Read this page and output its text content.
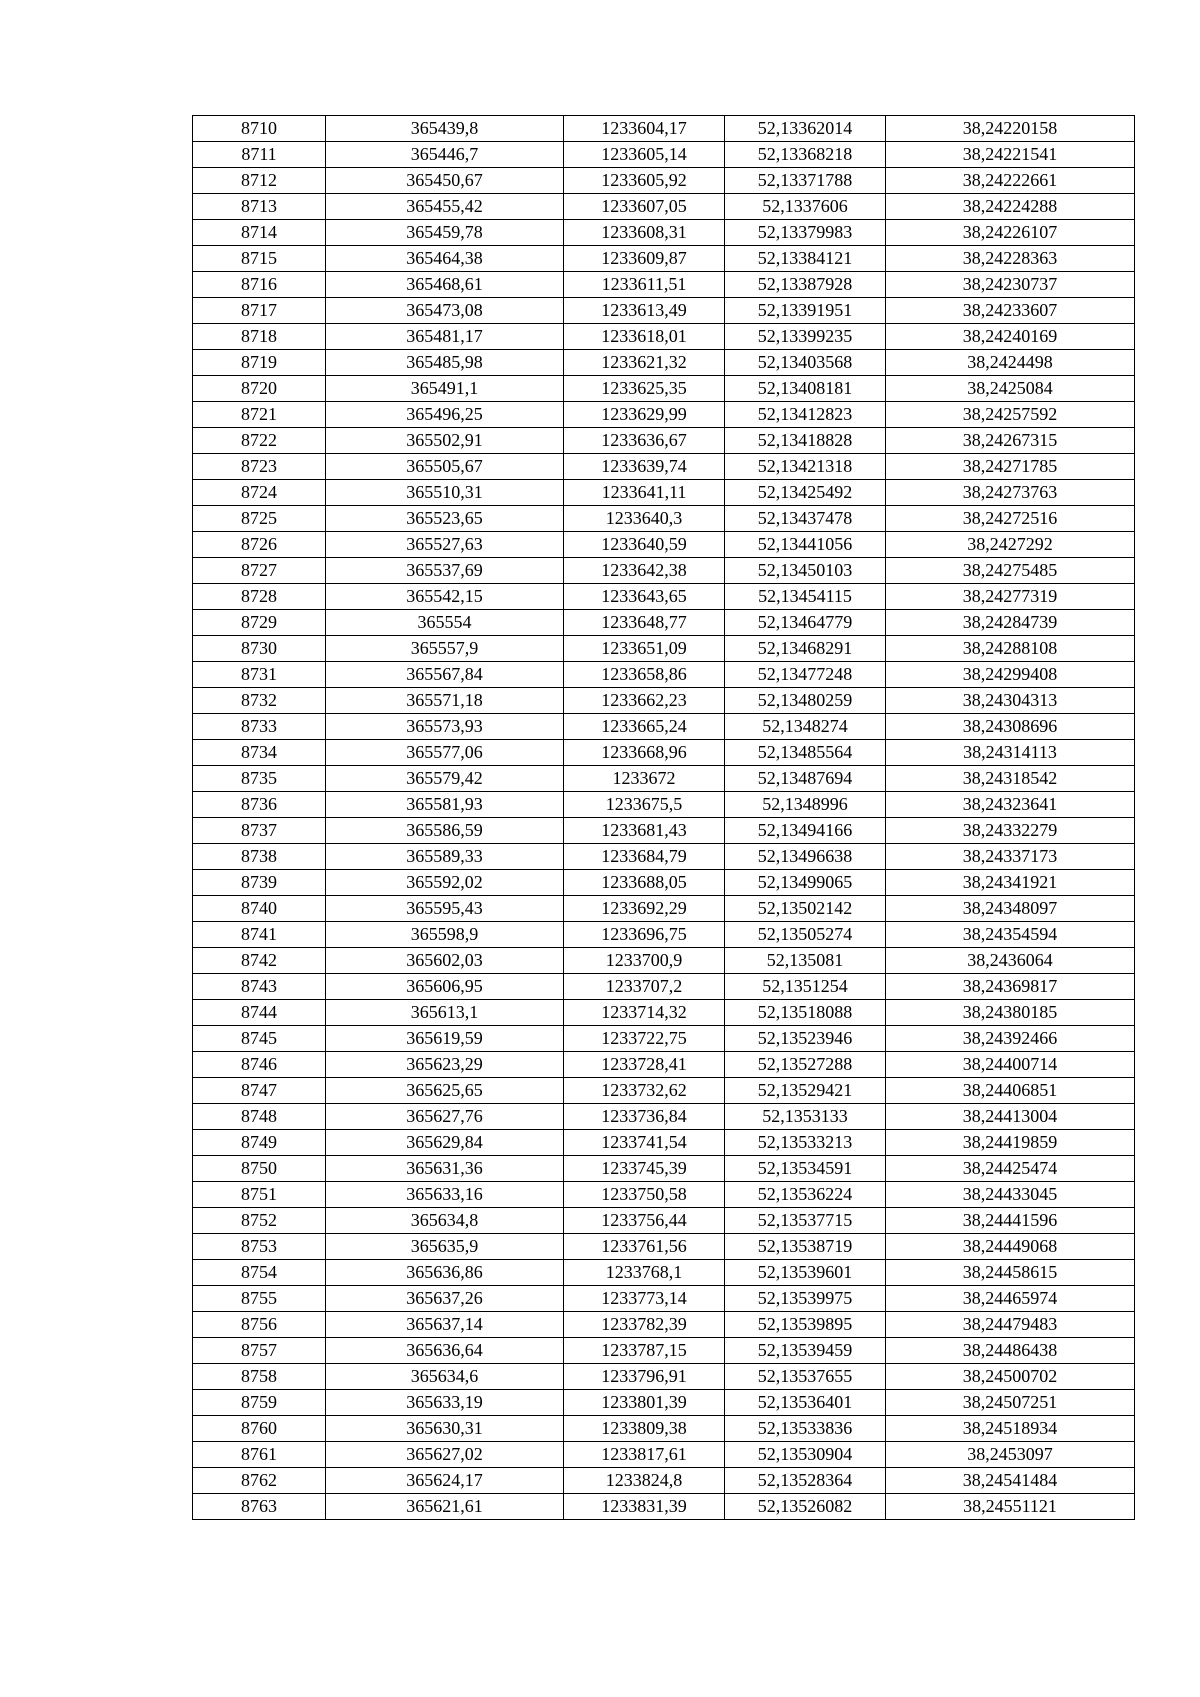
8710	365439,8	1233604,17	52,13362014	38,24220158
8711	365446,7	1233605,14	52,13368218	38,24221541
8712	365450,67	1233605,92	52,13371788	38,24222661
8713	365455,42	1233607,05	52,1337606	38,24224288
8714	365459,78	1233608,31	52,13379983	38,24226107
8715	365464,38	1233609,87	52,13384121	38,24228363
8716	365468,61	1233611,51	52,13387928	38,24230737
8717	365473,08	1233613,49	52,13391951	38,24233607
8718	365481,17	1233618,01	52,13399235	38,24240169
8719	365485,98	1233621,32	52,13403568	38,2424498
8720	365491,1	1233625,35	52,13408181	38,2425084
8721	365496,25	1233629,99	52,13412823	38,24257592
8722	365502,91	1233636,67	52,13418828	38,24267315
8723	365505,67	1233639,74	52,13421318	38,24271785
8724	365510,31	1233641,11	52,13425492	38,24273763
8725	365523,65	1233640,3	52,13437478	38,24272516
8726	365527,63	1233640,59	52,13441056	38,2427292
8727	365537,69	1233642,38	52,13450103	38,24275485
8728	365542,15	1233643,65	52,13454115	38,24277319
8729	365554	1233648,77	52,13464779	38,24284739
8730	365557,9	1233651,09	52,13468291	38,24288108
8731	365567,84	1233658,86	52,13477248	38,24299408
8732	365571,18	1233662,23	52,13480259	38,24304313
8733	365573,93	1233665,24	52,1348274	38,24308696
8734	365577,06	1233668,96	52,13485564	38,24314113
8735	365579,42	1233672	52,13487694	38,24318542
8736	365581,93	1233675,5	52,1348996	38,24323641
8737	365586,59	1233681,43	52,13494166	38,24332279
8738	365589,33	1233684,79	52,13496638	38,24337173
8739	365592,02	1233688,05	52,13499065	38,24341921
8740	365595,43	1233692,29	52,13502142	38,24348097
8741	365598,9	1233696,75	52,13505274	38,24354594
8742	365602,03	1233700,9	52,135081	38,2436064
8743	365606,95	1233707,2	52,1351254	38,24369817
8744	365613,1	1233714,32	52,13518088	38,24380185
8745	365619,59	1233722,75	52,13523946	38,24392466
8746	365623,29	1233728,41	52,13527288	38,24400714
8747	365625,65	1233732,62	52,13529421	38,24406851
8748	365627,76	1233736,84	52,1353133	38,24413004
8749	365629,84	1233741,54	52,13533213	38,24419859
8750	365631,36	1233745,39	52,13534591	38,24425474
8751	365633,16	1233750,58	52,13536224	38,24433045
8752	365634,8	1233756,44	52,13537715	38,24441596
8753	365635,9	1233761,56	52,13538719	38,24449068
8754	365636,86	1233768,1	52,13539601	38,24458615
8755	365637,26	1233773,14	52,13539975	38,24465974
8756	365637,14	1233782,39	52,13539895	38,24479483
8757	365636,64	1233787,15	52,13539459	38,24486438
8758	365634,6	1233796,91	52,13537655	38,24500702
8759	365633,19	1233801,39	52,13536401	38,24507251
8760	365630,31	1233809,38	52,13533836	38,24518934
8761	365627,02	1233817,61	52,13530904	38,2453097
8762	365624,17	1233824,8	52,13528364	38,24541484
8763	365621,61	1233831,39	52,13526082	38,24551121
